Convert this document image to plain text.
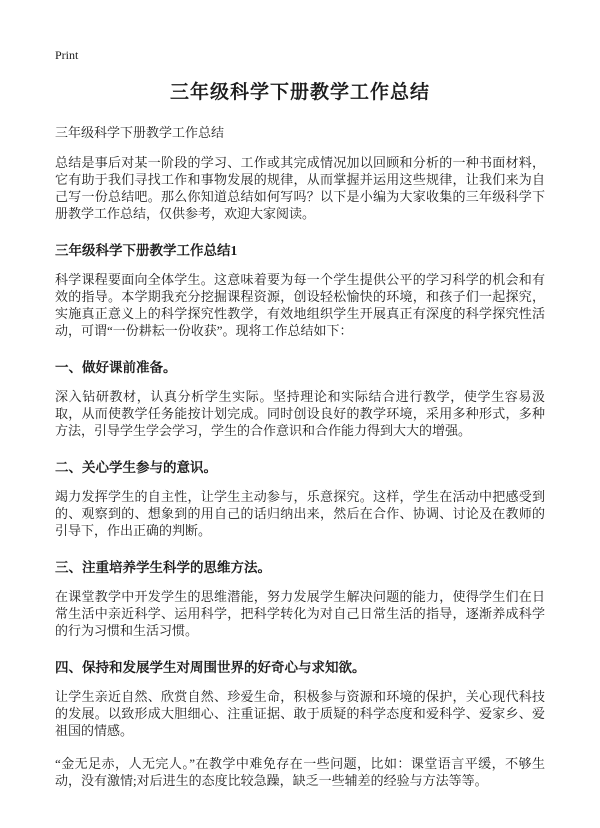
Print
三年级科学下册教学工作总结
三年级科学下册教学工作总结

总结是事后对某一阶段的学习、工作或其完成情况加以回顾和分析的一种书面材料，它有助于我们寻找工作和事物发展的规律，从而掌握并运用这些规律，让我们来为自己写一份总结吧。那么你知道总结如何写吗？以下是小编为大家收集的三年级科学下册教学工作总结，仅供参考，欢迎大家阅读。

三年级科学下册教学工作总结1

科学课程要面向全体学生。这意味着要为每一个学生提供公平的学习科学的机会和有效的指导。本学期我充分挖掘课程资源，创设轻松愉快的环境，和孩子们一起探究，实施真正意义上的科学探究性教学，有效地组织学生开展真正有深度的科学探究性活动，可谓“一份耕耘一份收获”。现将工作总结如下：

一、做好课前准备。

深入钻研教材，认真分析学生实际。坚持理论和实际结合进行教学，使学生容易汲取，从而使教学任务能按计划完成。同时创设良好的教学环境，采用多种形式，多种方法，引导学生学会学习，学生的合作意识和合作能力得到大大的增强。

二、关心学生参与的意识。

竭力发挥学生的自主性，让学生主动参与，乐意探究。这样，学生在活动中把感受到的、观察到的、想象到的用自己的话归纳出来，然后在合作、协调、讨论及在教师的引导下，作出正确的判断。

三、注重培养学生科学的思维方法。

在课堂教学中开发学生的思维潜能，努力发展学生解决问题的能力，使得学生们在日常生活中亲近科学、运用科学，把科学转化为对自己日常生活的指导，逐渐养成科学的行为习惯和生活习惯。

四、保持和发展学生对周围世界的好奇心与求知欲。

让学生亲近自然、欣赏自然、珍爱生命，积极参与资源和环境的保护，关心现代科技的发展。以致形成大胆细心、注重证据、敢于质疑的科学态度和爱科学、爱家乡、爱祖国的情感。

“金无足赤，人无完人。”在教学中难免存在一些问题，比如：课堂语言平缓，不够生动，没有激情;对后进生的态度比较急躁，缺乏一些辅差的经验与方法等等。
